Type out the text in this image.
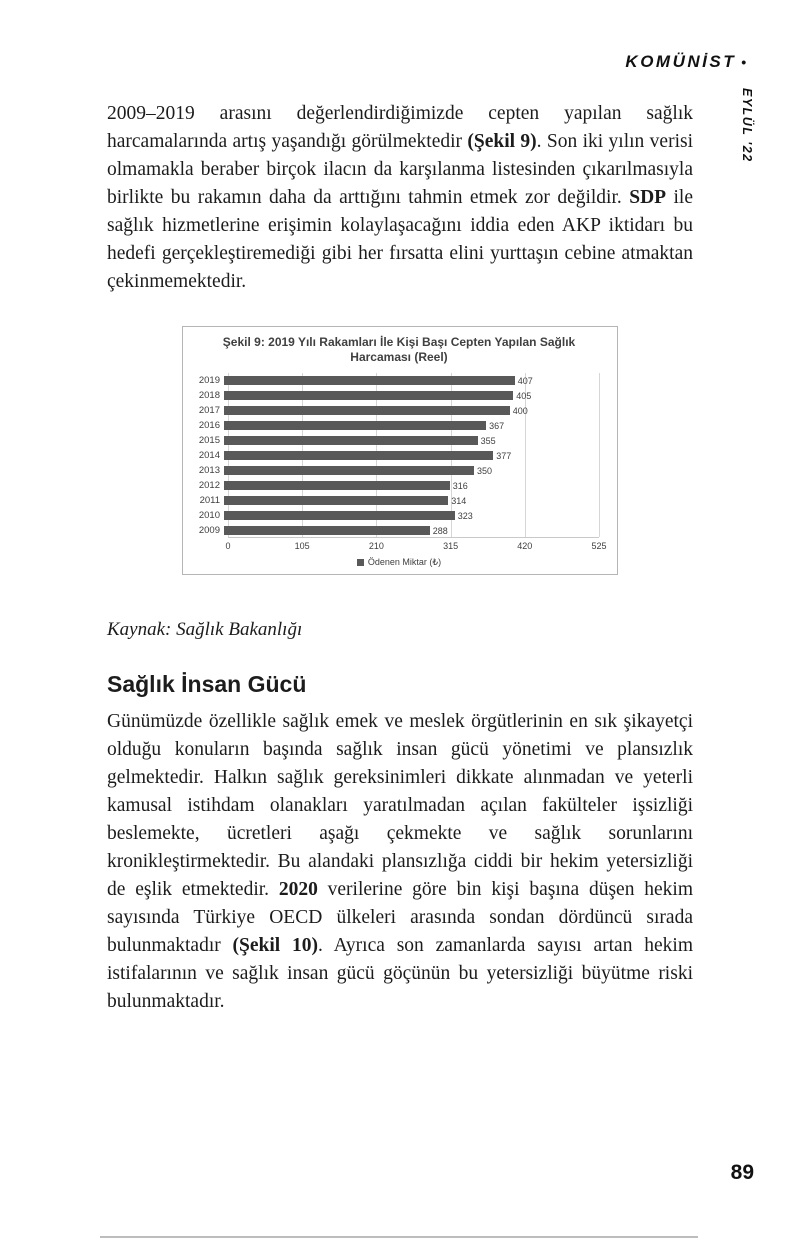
KOMÜNİST •
EYLÜL '22

2009–2019 arasını değerlendirdiğimizde cepten yapılan sağlık harcamalarında artış yaşandığı görülmektedir (Şekil 9). Son iki yılın verisi olmamakla beraber birçok ilacın da karşılanma listesinden çıkarılmasıyla birlikte bu rakamın daha da arttığını tahmin etmek zor değildir. SDP ile sağlık hizmetlerine erişimin kolaylaşacağını iddia eden AKP iktidarı bu hedefi gerçekleştiremediği gibi her fırsatta elini yurttaşın cebine atmaktan çekinmemektedir.

Şekil 9: 2019 Yılı Rakamları İle Kişi Başı Cepten Yapılan Sağlık Harcaması (Reel)
2019	407
2018	405
2017	400
2016	367
2015	355
2014	377
2013	350
2012	316
2011	314
2010	323
2009	288
0	105	210	315	420	525
Ödenen Miktar (₺)

Kaynak: Sağlık Bakanlığı

Sağlık İnsan Gücü

Günümüzde özellikle sağlık emek ve meslek örgütlerinin en sık şikayetçi olduğu konuların başında sağlık insan gücü yönetimi ve plansızlık gelmektedir. Halkın sağlık gereksinimleri dikkate alınmadan ve yeterli kamusal istihdam olanakları yaratılmadan açılan fakülteler işsizliği beslemekte, ücretleri aşağı çekmekte ve sağlık sorunlarını kronikleştirmektedir. Bu alandaki plansızlığa ciddi bir hekim yetersizliği de eşlik etmektedir. 2020 verilerine göre bin kişi başına düşen hekim sayısında Türkiye OECD ülkeleri arasında sondan dördüncü sırada bulunmaktadır (Şekil 10). Ayrıca son zamanlarda sayısı artan hekim istifalarının ve sağlık insan gücü göçünün bu yetersizliği büyütme riski bulunmaktadır.

89
